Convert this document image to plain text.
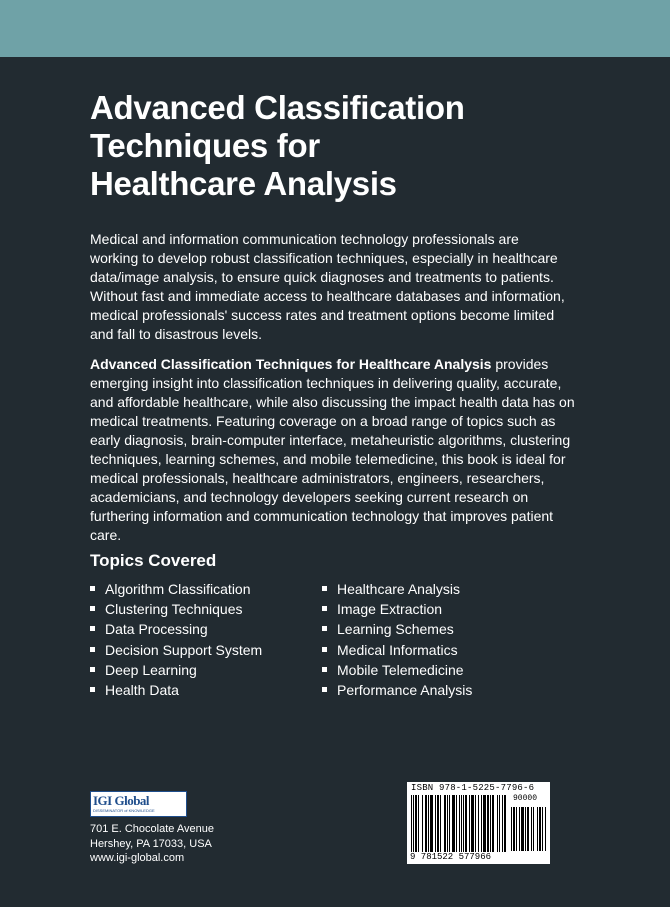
Advanced Classification
Techniques for
Healthcare Analysis

Medical and information communication technology professionals are working to develop robust classification techniques, especially in healthcare data/image analysis, to ensure quick diagnoses and treatments to patients. Without fast and immediate access to healthcare databases and information, medical professionals' success rates and treatment options become limited and fall to disastrous levels.

Advanced Classification Techniques for Healthcare Analysis provides emerging insight into classification techniques in delivering quality, accurate, and affordable healthcare, while also discussing the impact health data has on medical treatments. Featuring coverage on a broad range of topics such as early diagnosis, brain-computer interface, metaheuristic algorithms, clustering techniques, learning schemes, and mobile telemedicine, this book is ideal for medical professionals, healthcare administrators, engineers, researchers, academicians, and technology developers seeking current research on furthering information and communication technology that improves patient care.

Topics Covered
Algorithm Classification
Clustering Techniques
Data Processing
Decision Support System
Deep Learning
Health Data
Healthcare Analysis
Image Extraction
Learning Schemes
Medical Informatics
Mobile Telemedicine
Performance Analysis
IGI Global
DISSEMINATOR of KNOWLEDGE
701 E. Chocolate Avenue
Hershey, PA 17033, USA
www.igi-global.com
ISBN 978-1-5225-7796-6
90000
9 781522 577966
